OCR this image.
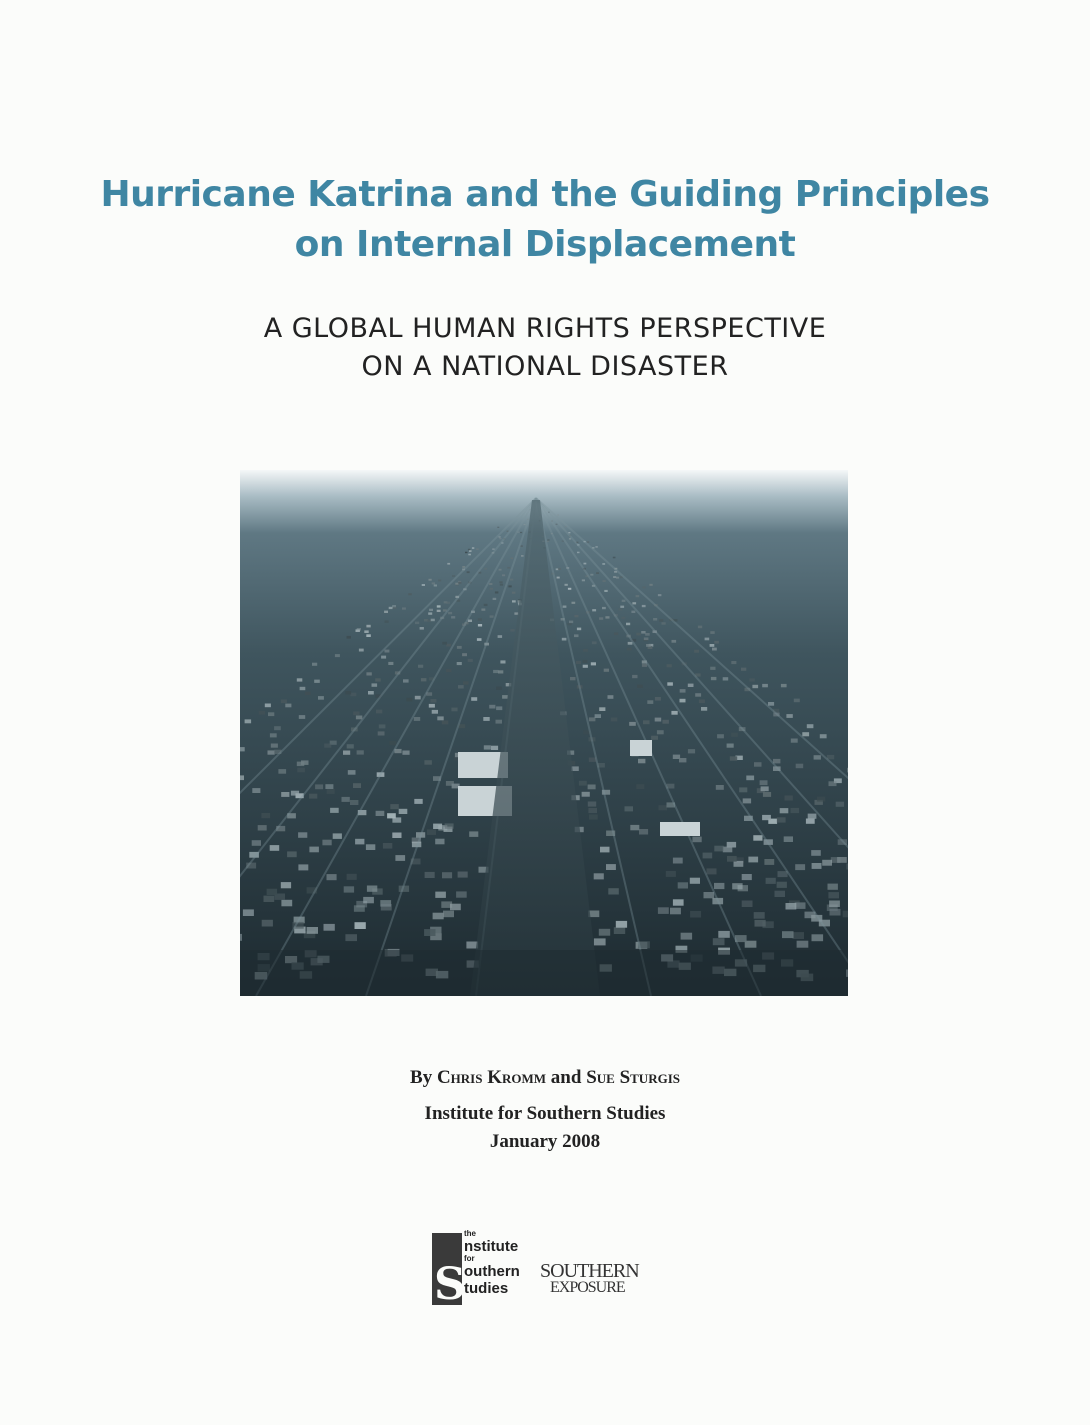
Hurricane Katrina and the Guiding Principles
on Internal Displacement
A GLOBAL HUMAN RIGHTS PERSPECTIVE
ON A NATIONAL DISASTER
By Chris Kromm and Sue Sturgis
Institute for Southern Studies
January 2008
S
the
nstitute
for
outhern
tudies
SOUTHERN
EXPOSURE
